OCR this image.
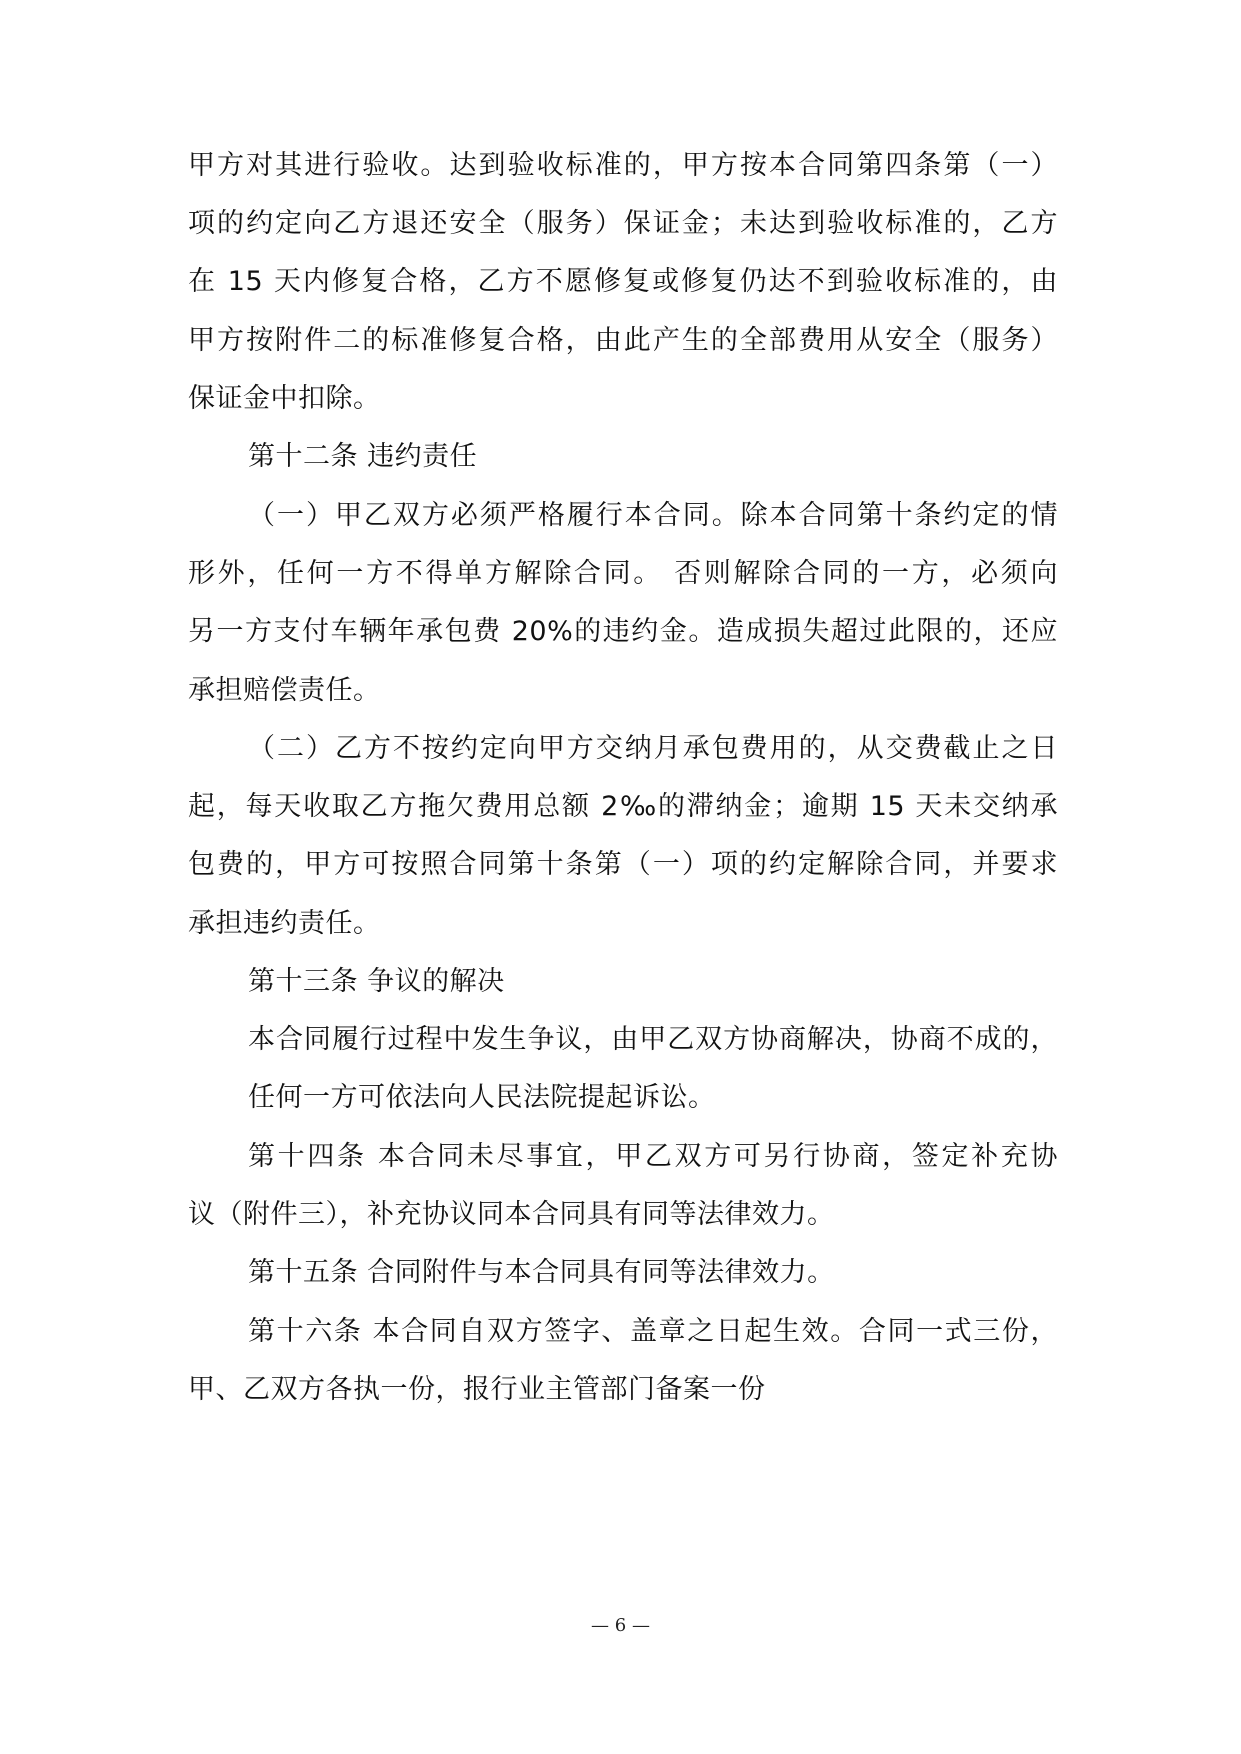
甲方对其进行验收。达到验收标准的，甲方按本合同第四条第（一）
项的约定向乙方退还安全（服务）保证金；未达到验收标准的，乙方
在 15 天内修复合格，乙方不愿修复或修复仍达不到验收标准的，由
甲方按附件二的标准修复合格，由此产生的全部费用从安全（服务）
保证金中扣除。
第十二条 违约责任
（一）甲乙双方必须严格履行本合同。除本合同第十条约定的情
形外，任何一方不得单方解除合同。 否则解除合同的一方，必须向
另一方支付车辆年承包费 20%的违约金。造成损失超过此限的，还应
承担赔偿责任。
（二）乙方不按约定向甲方交纳月承包费用的，从交费截止之日
起，每天收取乙方拖欠费用总额 2‰的滞纳金；逾期 15 天未交纳承
包费的，甲方可按照合同第十条第（一）项的约定解除合同，并要求
承担违约责任。
第十三条 争议的解决
本合同履行过程中发生争议，由甲乙双方协商解决，协商不成的，
任何一方可依法向人民法院提起诉讼。
第十四条 本合同未尽事宜，甲乙双方可另行协商，签定补充协
议（附件三），补充协议同本合同具有同等法律效力。
第十五条 合同附件与本合同具有同等法律效力。
第十六条 本合同自双方签字、盖章之日起生效。合同一式三份，
甲、乙双方各执一份，报行业主管部门备案一份
— 6 —
